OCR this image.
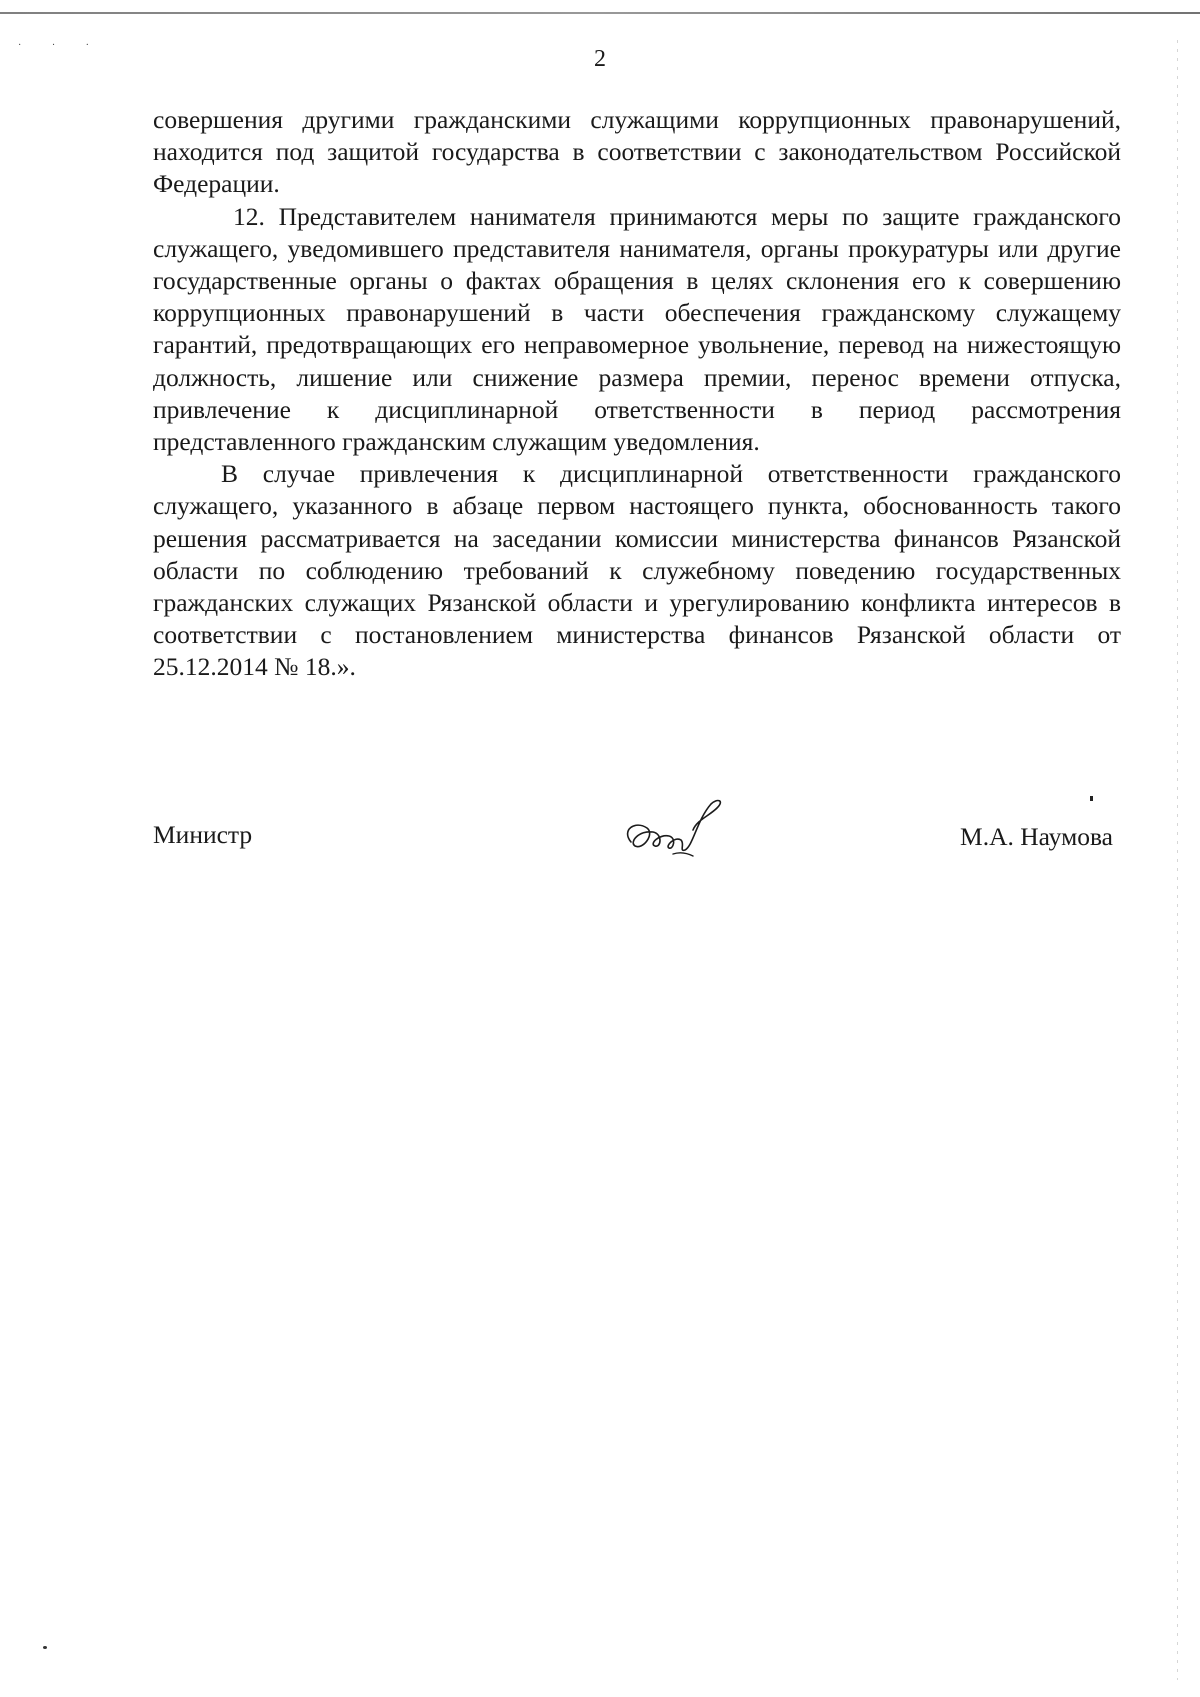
· · ·
2

совершения другими гражданскими служащими коррупционных правонарушений, находится под защитой государства в соответствии с законодательством Российской Федерации.

12. Представителем нанимателя принимаются меры по защите гражданского служащего, уведомившего представителя нанимателя, органы прокуратуры или другие государственные органы о фактах обращения в целях склонения его к совершению коррупционных правонарушений в части обеспечения гражданскому служащему гарантий, предотвращающих его неправомерное увольнение, перевод на нижестоящую должность, лишение или снижение размера премии, перенос времени отпуска, привлечение к дисциплинарной ответственности в период рассмотрения представленного гражданским служащим уведомления.

В случае привлечения к дисциплинарной ответственности гражданского служащего, указанного в абзаце первом настоящего пункта, обоснованность такого решения рассматривается на заседании комиссии министерства финансов Рязанской области по соблюдению требований к служебному поведению государственных гражданских служащих Рязанской области и урегулированию конфликта интересов в соответствии с постановлением министерства финансов Рязанской области от 25.12.2014 № 18.».

Министр	М.А. Наумова
